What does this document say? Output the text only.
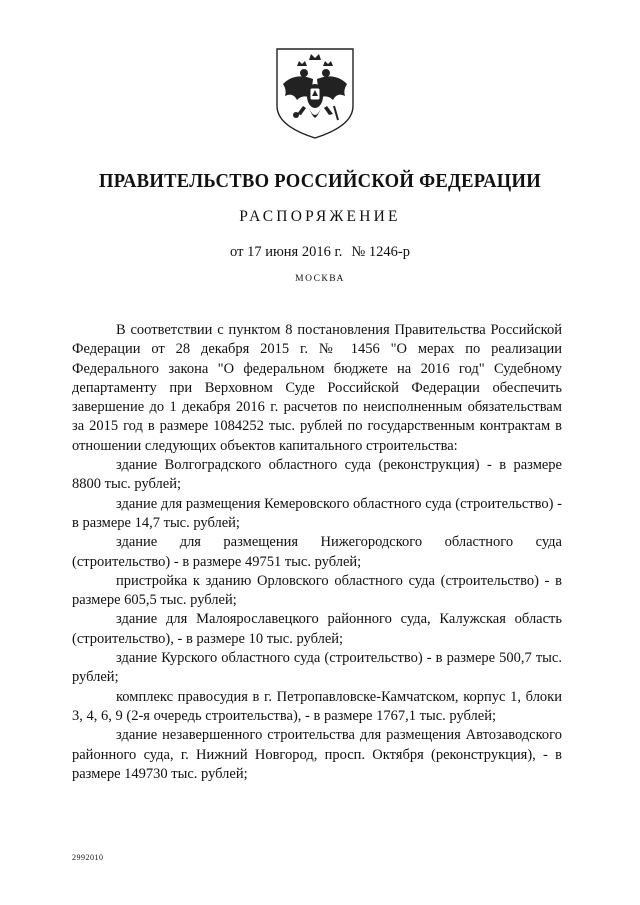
ПРАВИТЕЛЬСТВО РОССИЙСКОЙ ФЕДЕРАЦИИ
РАСПОРЯЖЕНИЕ
от 17 июня 2016 г. № 1246-р
МОСКВА

В соответствии с пунктом 8 постановления Правительства Российской Федерации от 28 декабря 2015 г. № 1456 "О мерах по реализации Федерального закона "О федеральном бюджете на 2016 год" Судебному департаменту при Верховном Суде Российской Федерации обеспечить завершение до 1 декабря 2016 г. расчетов по неисполненным обязательствам за 2015 год в размере 1084252 тыс. рублей по государственным контрактам в отношении следующих объектов капитального строительства:

здание Волгоградского областного суда (реконструкция) - в размере 8800 тыс. рублей;

здание для размещения Кемеровского областного суда (строительство) - в размере 14,7 тыс. рублей;

здание для размещения Нижегородского областного суда (строительство) - в размере 49751 тыс. рублей;

пристройка к зданию Орловского областного суда (строительство) - в размере 605,5 тыс. рублей;

здание для Малоярославецкого районного суда, Калужская область (строительство), - в размере 10 тыс. рублей;

здание Курского областного суда (строительство) - в размере 500,7 тыс. рублей;

комплекс правосудия в г. Петропавловске-Камчатском, корпус 1, блоки 3, 4, 6, 9 (2-я очередь строительства), - в размере 1767,1 тыс. рублей;

здание незавершенного строительства для размещения Автозаводского районного суда, г. Нижний Новгород, просп. Октября (реконструкция), - в размере 149730 тыс. рублей;

2992010
